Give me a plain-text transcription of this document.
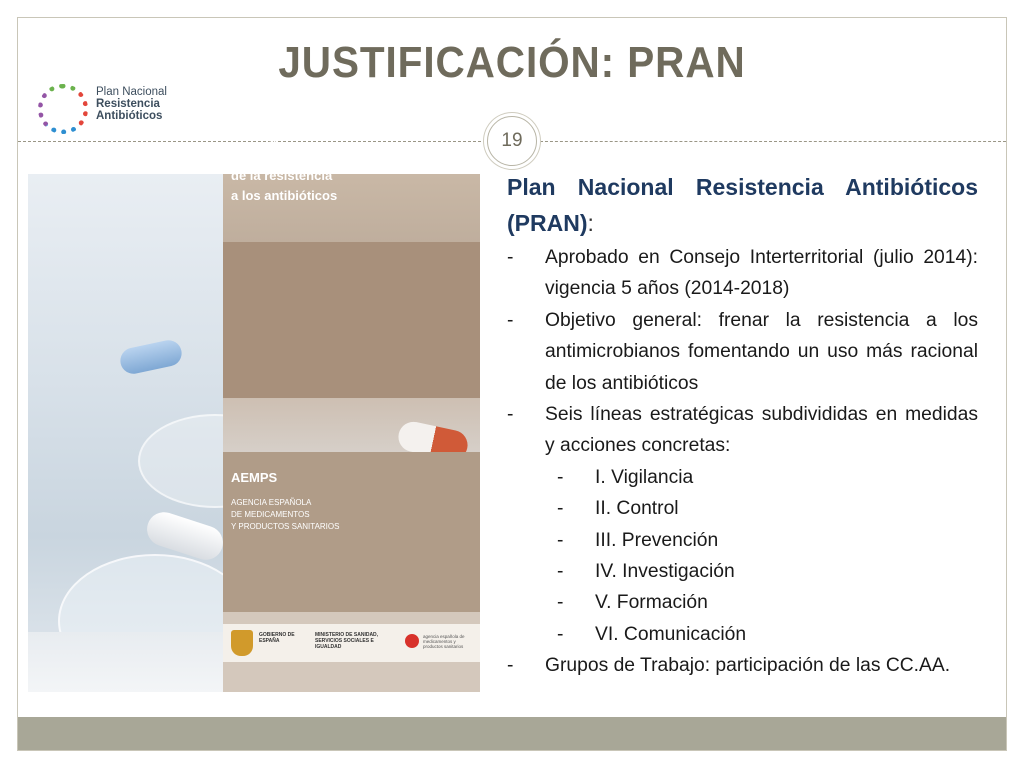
JUSTIFICACIÓN: PRAN
19
GOBIERNO DE ESPAÑA
MINISTERIO DE SANIDAD, SERVICIOS SOCIALES E IGUALDAD
agencia española de medicamentos y productos sanitarios
Plan Nacional
Resistencia
Antibióticos
Plan estratégico
y de acción para reducir
el riesgo de selección
y diseminación
de la resistencia
a los antibióticos
AEMPS
AGENCIA ESPAÑOLA
DE MEDICAMENTOS
Y PRODUCTOS SANITARIOS
Plan Nacional Resistencia Antibióticos
(PRAN):
- Aprobado en Consejo Interterritorial (julio 2014): vigencia 5 años (2014-2018)
- Objetivo general: frenar la resistencia a los antimicrobianos fomentando un uso más racional de los antibióticos
- Seis líneas estratégicas subdivididas en medidas y acciones concretas:
- I. Vigilancia
- II. Control
- III. Prevención
- IV. Investigación
- V. Formación
- VI. Comunicación
- Grupos de Trabajo: participación de las CC.AA.
